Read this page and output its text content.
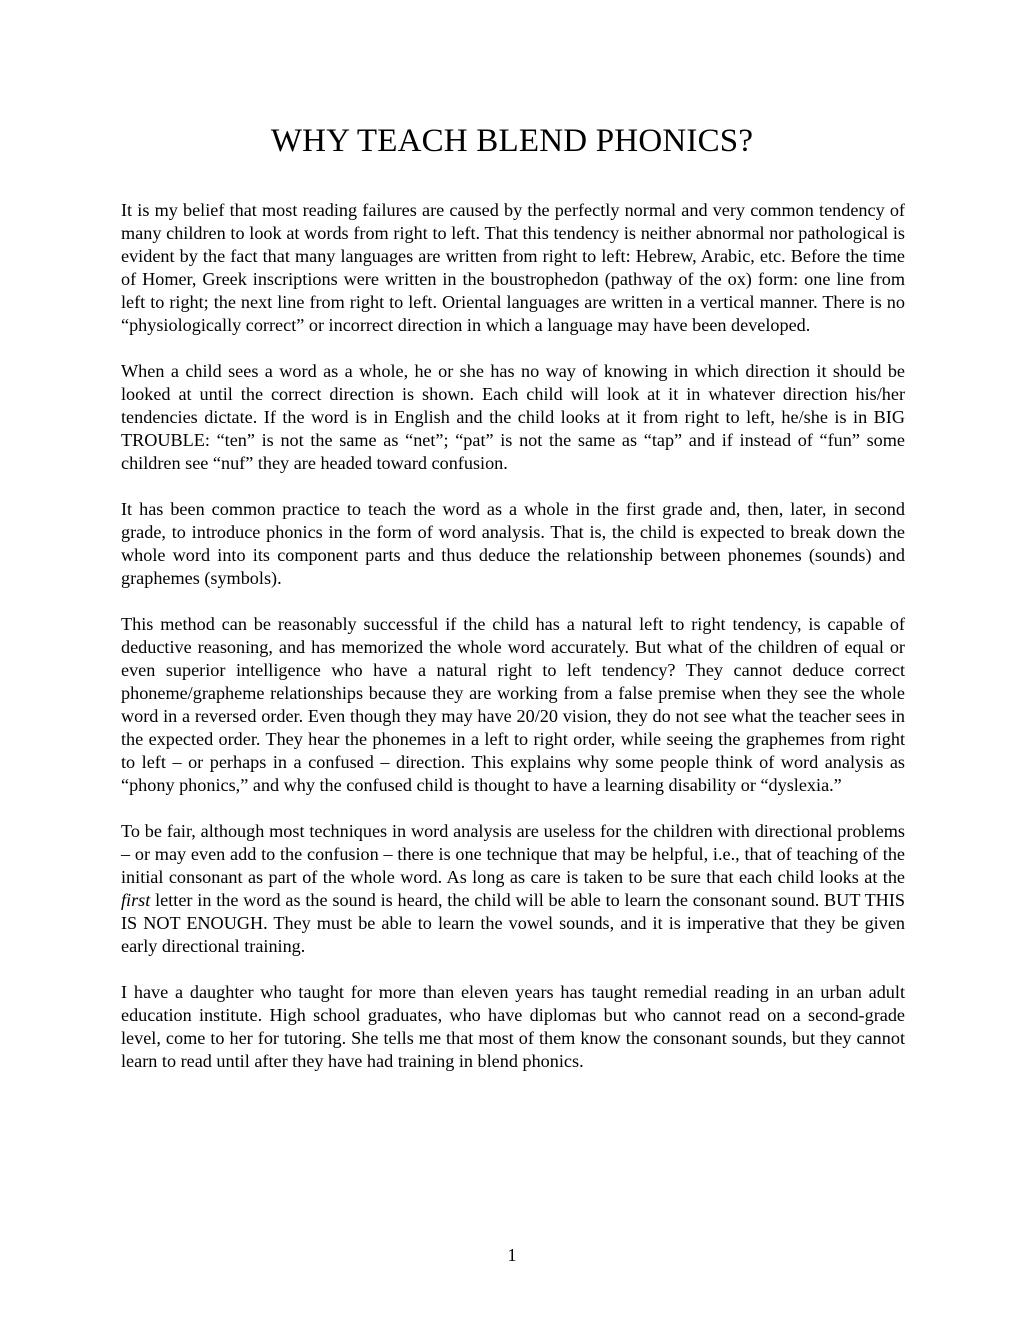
WHY TEACH BLEND PHONICS?

It is my belief that most reading failures are caused by the perfectly normal and very common tendency of many children to look at words from right to left. That this tendency is neither abnormal nor pathological is evident by the fact that many languages are written from right to left: Hebrew, Arabic, etc. Before the time of Homer, Greek inscriptions were written in the boustrophedon (pathway of the ox) form: one line from left to right; the next line from right to left. Oriental languages are written in a vertical manner. There is no “physiologically correct” or incorrect direction in which a language may have been developed.

When a child sees a word as a whole, he or she has no way of knowing in which direction it should be looked at until the correct direction is shown. Each child will look at it in whatever direction his/her tendencies dictate. If the word is in English and the child looks at it from right to left, he/she is in BIG TROUBLE: “ten” is not the same as “net”; “pat” is not the same as “tap” and if instead of “fun” some children see “nuf” they are headed toward confusion.

It has been common practice to teach the word as a whole in the first grade and, then, later, in second grade, to introduce phonics in the form of word analysis. That is, the child is expected to break down the whole word into its component parts and thus deduce the relationship between phonemes (sounds) and graphemes (symbols).

This method can be reasonably successful if the child has a natural left to right tendency, is capable of deductive reasoning, and has memorized the whole word accurately. But what of the children of equal or even superior intelligence who have a natural right to left tendency? They cannot deduce correct phoneme/grapheme relationships because they are working from a false premise when they see the whole word in a reversed order. Even though they may have 20/20 vision, they do not see what the teacher sees in the expected order. They hear the phonemes in a left to right order, while seeing the graphemes from right to left – or perhaps in a confused – direction. This explains why some people think of word analysis as “phony phonics,” and why the confused child is thought to have a learning disability or “dyslexia.”

To be fair, although most techniques in word analysis are useless for the children with directional problems – or may even add to the confusion – there is one technique that may be helpful, i.e., that of teaching of the initial consonant as part of the whole word. As long as care is taken to be sure that each child looks at the first letter in the word as the sound is heard, the child will be able to learn the consonant sound. BUT THIS IS NOT ENOUGH. They must be able to learn the vowel sounds, and it is imperative that they be given early directional training.

I have a daughter who taught for more than eleven years has taught remedial reading in an urban adult education institute. High school graduates, who have diplomas but who cannot read on a second-grade level, come to her for tutoring. She tells me that most of them know the consonant sounds, but they cannot learn to read until after they have had training in blend phonics.

1
